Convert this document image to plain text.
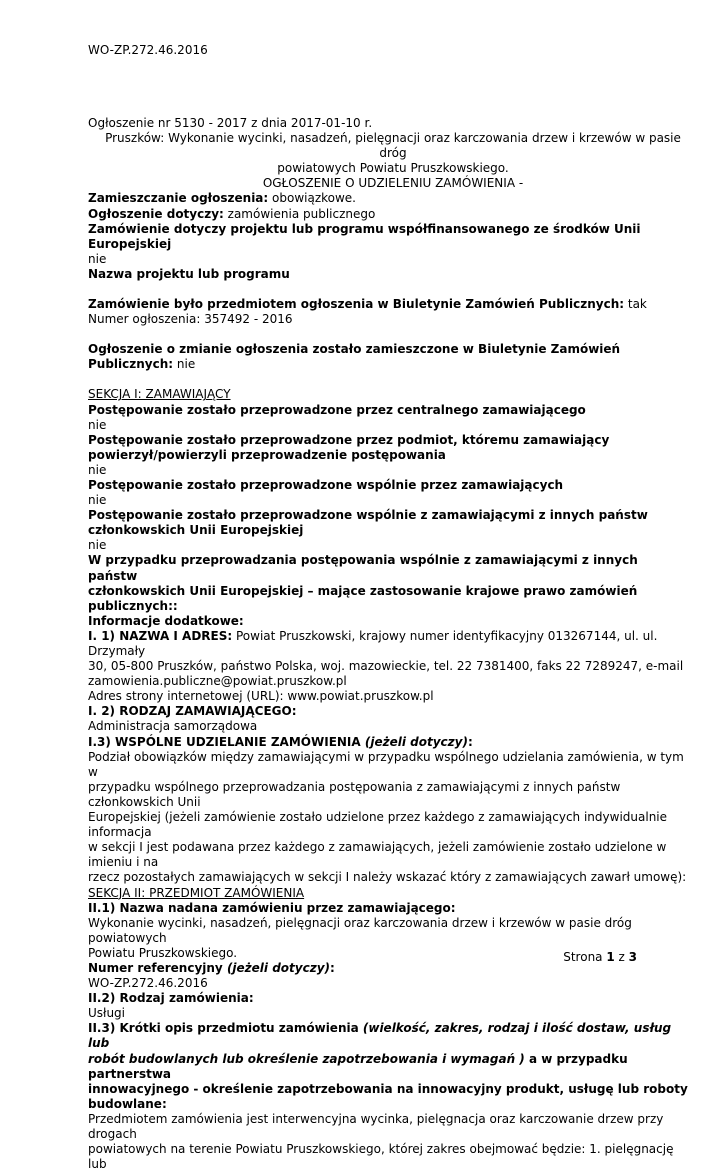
WO-ZP.272.46.2016

Ogłoszenie nr 5130 - 2017 z dnia 2017-01-10 r.

Pruszków: Wykonanie wycinki, nasadzeń, pielęgnacji oraz karczowania drzew i krzewów w pasie dróg

powiatowych Powiatu Pruszkowskiego.

OGŁOSZENIE O UDZIELENIU ZAMÓWIENIA -

Zamieszczanie ogłoszenia: obowiązkowe.

Ogłoszenie dotyczy: zamówienia publicznego

Zamówienie dotyczy projektu lub programu współfinansowanego ze środków Unii Europejskiej

nie

Nazwa projektu lub programu

Zamówienie było przedmiotem ogłoszenia w Biuletynie Zamówień Publicznych: tak

Numer ogłoszenia: 357492 - 2016

Ogłoszenie o zmianie ogłoszenia zostało zamieszczone w Biuletynie Zamówień Publicznych: nie

SEKCJA I: ZAMAWIAJĄCY

Postępowanie zostało przeprowadzone przez centralnego zamawiającego

nie

Postępowanie zostało przeprowadzone przez podmiot, któremu zamawiający

powierzył/powierzyli przeprowadzenie postępowania

nie

Postępowanie zostało przeprowadzone wspólnie przez zamawiających

nie

Postępowanie zostało przeprowadzone wspólnie z zamawiającymi z innych państw

członkowskich Unii Europejskiej

nie

W przypadku przeprowadzania postępowania wspólnie z zamawiającymi z innych państw

członkowskich Unii Europejskiej – mające zastosowanie krajowe prawo zamówień

publicznych::

Informacje dodatkowe:

I. 1) NAZWA I ADRES: Powiat Pruszkowski, krajowy numer identyfikacyjny 013267144, ul. ul. Drzymały

30, 05-800 Pruszków, państwo Polska, woj. mazowieckie, tel. 22 7381400, faks 22 7289247, e-mail

zamowienia.publiczne@powiat.pruszkow.pl

Adres strony internetowej (URL): www.powiat.pruszkow.pl

I. 2) RODZAJ ZAMAWIAJĄCEGO:

Administracja samorządowa

I.3) WSPÓLNE UDZIELANIE ZAMÓWIENIA (jeżeli dotyczy):

Podział obowiązków między zamawiającymi w przypadku wspólnego udzielania zamówienia, w tym w

przypadku wspólnego przeprowadzania postępowania z zamawiającymi z innych państw członkowskich Unii

Europejskiej (jeżeli zamówienie zostało udzielone przez każdego z zamawiających indywidualnie informacja

w sekcji I jest podawana przez każdego z zamawiających, jeżeli zamówienie zostało udzielone w imieniu i na

rzecz pozostałych zamawiających w sekcji I należy wskazać który z zamawiających zawarł umowę):

SEKCJA II: PRZEDMIOT ZAMÓWIENIA

II.1) Nazwa nadana zamówieniu przez zamawiającego:

Wykonanie wycinki, nasadzeń, pielęgnacji oraz karczowania drzew i krzewów w pasie dróg powiatowych

Powiatu Pruszkowskiego.

Numer referencyjny (jeżeli dotyczy):

WO-ZP.272.46.2016

II.2) Rodzaj zamówienia:

Usługi

II.3) Krótki opis przedmiotu zamówienia (wielkość, zakres, rodzaj i ilość dostaw, usług lub

robót budowlanych lub określenie zapotrzebowania i wymagań ) a w przypadku partnerstwa

innowacyjnego - określenie zapotrzebowania na innowacyjny produkt, usługę lub roboty

budowlane:

Przedmiotem zamówienia jest interwencyjna wycinka, pielęgnacja oraz karczowanie drzew przy drogach

powiatowych na terenie Powiatu Pruszkowskiego, której zakres obejmować będzie: 1. pielęgnację lub

Strona 1 z 3
